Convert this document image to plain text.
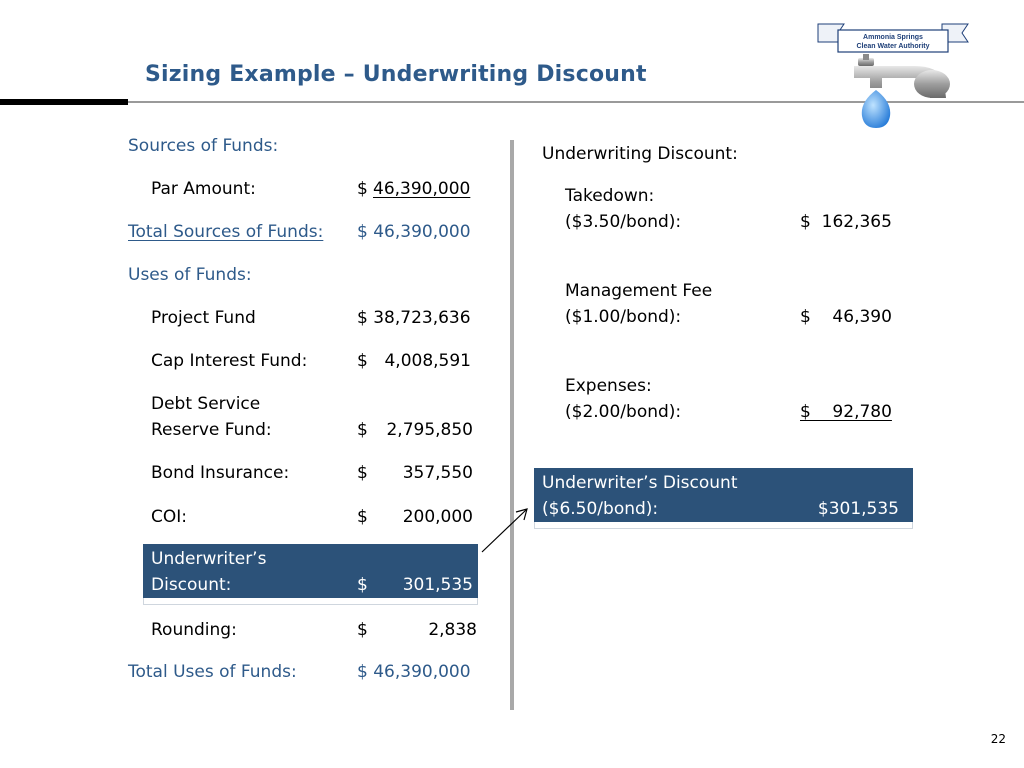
Sizing Example – Underwriting Discount
Ammonia Springs
Clean Water Authority
Sources of Funds:
Par Amount:	$ 46,390,000
Total Sources of Funds: $ 46,390,000
Uses of Funds:
Project Fund	$ 38,723,636
Cap Interest Fund:	$ 4,008,591
Debt Service
Reserve Fund:	$	2,795,850
Bond Insurance:	$	357,550
COI:	$	200,000
Underwriter’s
Discount:	$	301,535
Rounding:	$	2,838
Total Uses of Funds:	$ 46,390,000
Underwriting Discount:
Takedown:
($3.50/bond):	$  162,365
Management Fee
($1.00/bond):	$    46,390
Expenses:
($2.00/bond):	$    92,780
Underwriter’s Discount
($6.50/bond):	$301,535
22
